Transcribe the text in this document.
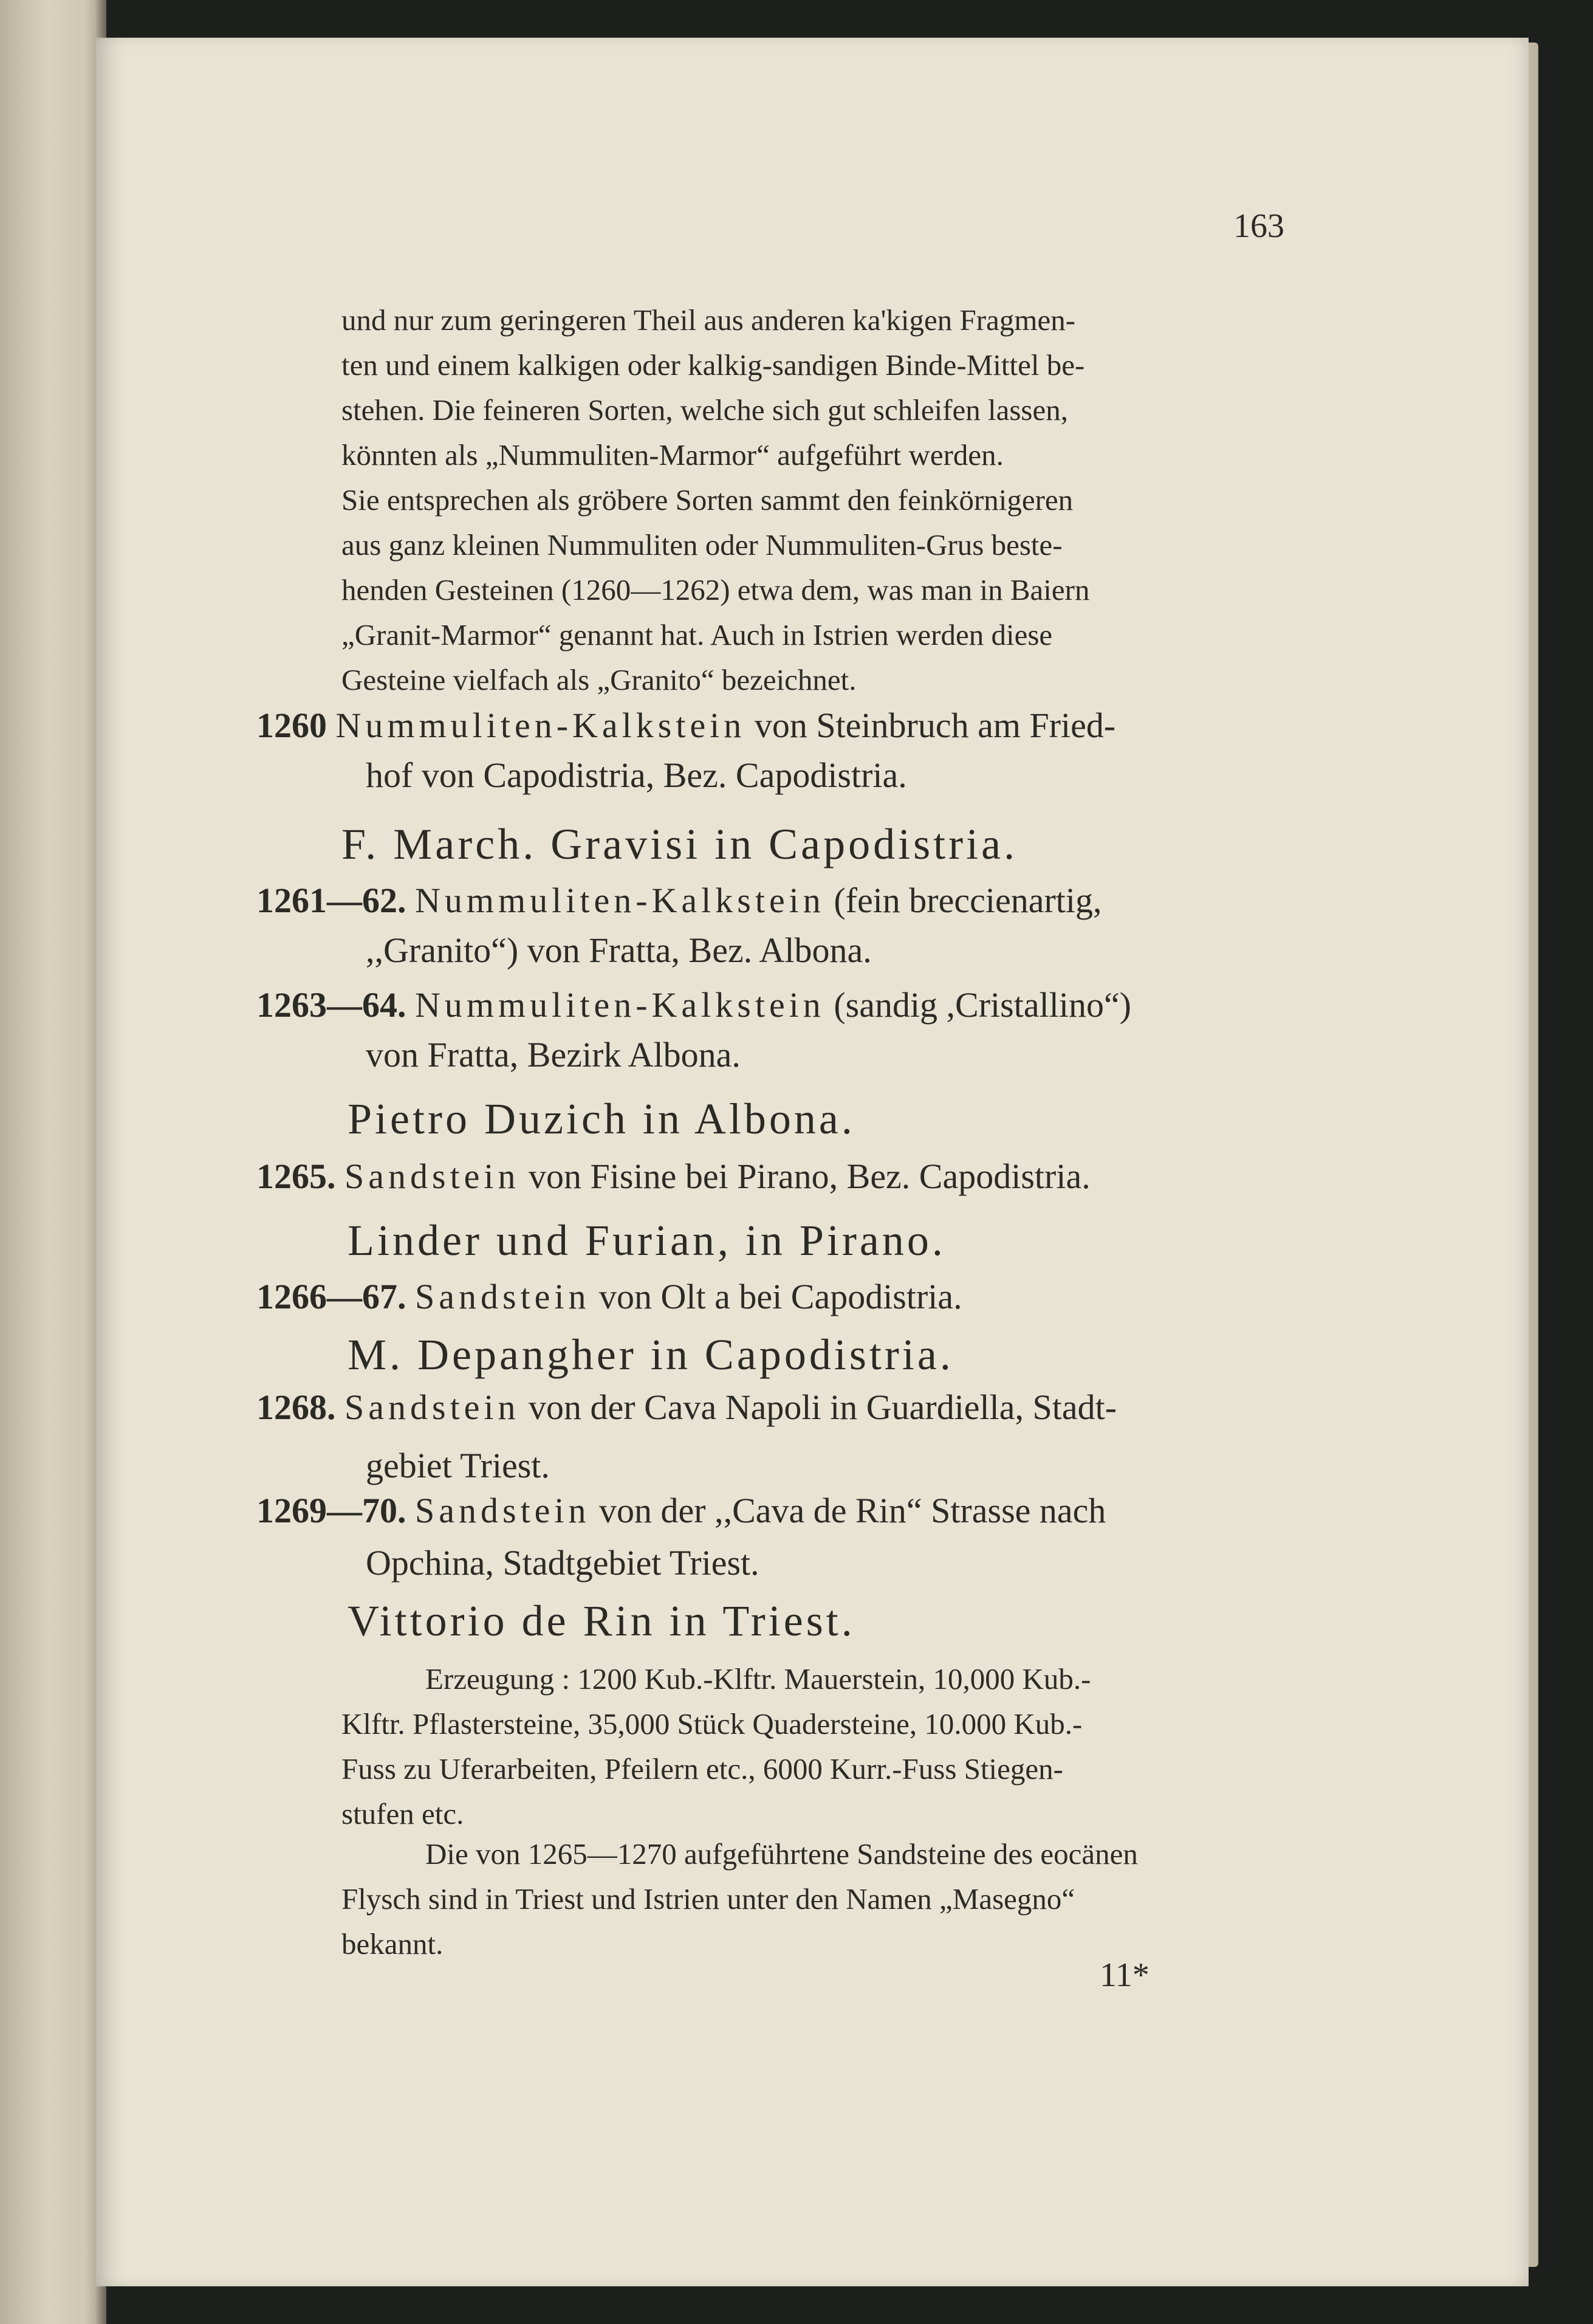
163
und nur zum geringeren Theil aus anderen ka'kigen Fragmen-
ten und einem kalkigen oder kalkig-sandigen Binde-Mittel be-
stehen. Die feineren Sorten, welche sich gut schleifen lassen,
könnten als „Nummuliten-Marmor“ aufgeführt werden.
Sie entsprechen als gröbere Sorten sammt den feinkörnigeren
aus ganz kleinen Nummuliten oder Nummuliten-Grus beste-
henden Gesteinen (1260—1262) etwa dem, was man in Baiern
„Granit-Marmor“ genannt hat. Auch in Istrien werden diese
Gesteine vielfach als „Granito“ bezeichnet.
1260 Nummuliten-Kalkstein von Steinbruch am Fried-
hof von Capodistria, Bez. Capodistria.
F. March. Gravisi in Capodistria.
1261—62. Nummuliten-Kalkstein (fein breccienartig,
,,Granito“) von Fratta, Bez. Albona.
1263—64. Nummuliten-Kalkstein (sandig ,Cristallino“)
von Fratta, Bezirk Albona.
Pietro Duzich in Albona.
1265. Sandstein von Fisine bei Pirano, Bez. Capodistria.
Linder und Furian, in Pirano.
1266—67. Sandstein von Olt a bei Capodistria.
M. Depangher in Capodistria.
1268. Sandstein von der Cava Napoli in Guardiella, Stadt-
gebiet Triest.
1269—70. Sandstein von der ,,Cava de Rin“ Strasse nach
Opchina, Stadtgebiet Triest.
Vittorio de Rin in Triest.
Erzeugung : 1200 Kub.-Klftr. Mauerstein, 10,000 Kub.-
Klftr. Pflastersteine, 35,000 Stück Quadersteine, 10.000 Kub.-
Fuss zu Uferarbeiten, Pfeilern etc., 6000 Kurr.-Fuss Stiegen-
stufen etc.
Die von 1265—1270 aufgeführtene Sandsteine des eocänen
Flysch sind in Triest und Istrien unter den Namen „Masegno“
bekannt.
11*
